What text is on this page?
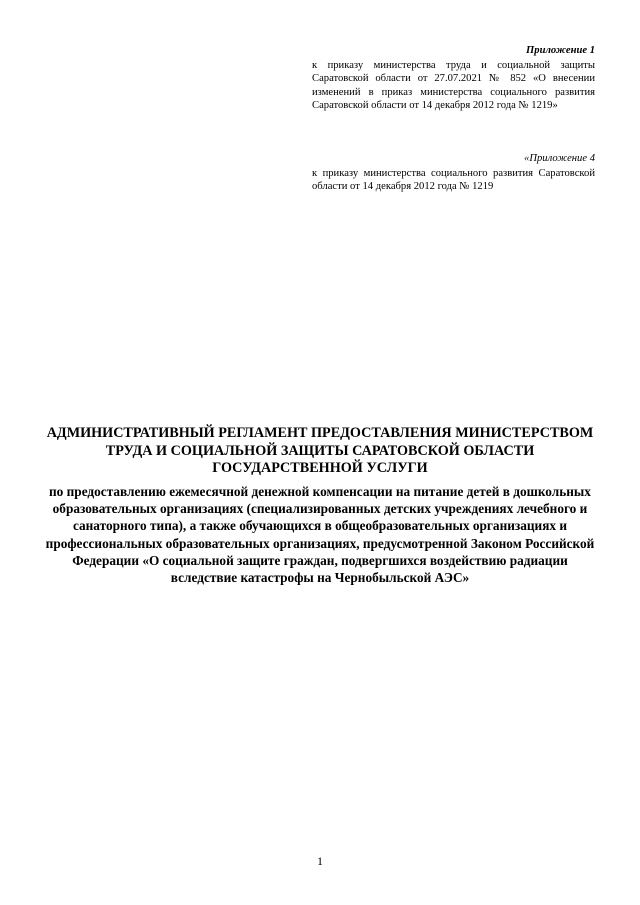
Приложение 1

к приказу министерства труда и социальной защиты Саратовской области от 27.07.2021 № 852 «О внесении изменений в приказ министерства социального развития Саратовской области от 14 декабря 2012 года № 1219»

«Приложение 4

к приказу министерства социального развития Саратовской области от 14 декабря 2012 года № 1219

АДМИНИСТРАТИВНЫЙ РЕГЛАМЕНТ ПРЕДОСТАВЛЕНИЯ МИНИСТЕРСТВОМ ТРУДА И СОЦИАЛЬНОЙ ЗАЩИТЫ САРАТОВСКОЙ ОБЛАСТИ ГОСУДАРСТВЕННОЙ УСЛУГИ

по предоставлению ежемесячной денежной компенсации на питание детей в дошкольных образовательных организациях (специализированных детских учреждениях лечебного и санаторного типа), а также обучающихся в общеобразовательных организациях и профессиональных образовательных организациях, предусмотренной Законом Российской Федерации «О социальной защите граждан, подвергшихся воздействию радиации вследствие катастрофы на Чернобыльской АЭС»

1
